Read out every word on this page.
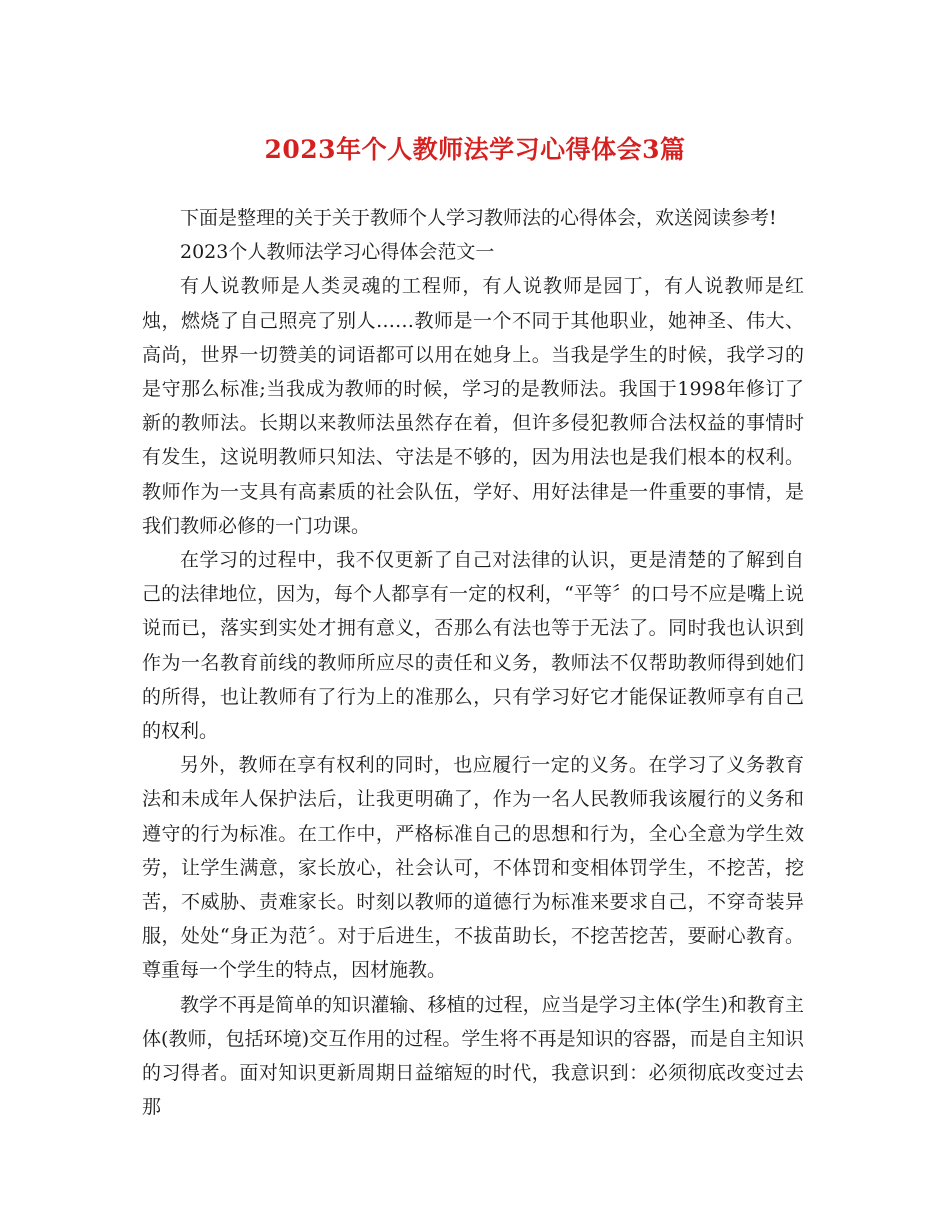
2023年个人教师法学习心得体会3篇

下面是整理的关于关于教师个人学习教师法的心得体会，欢送阅读参考!

2023个人教师法学习心得体会范文一

有人说教师是人类灵魂的工程师，有人说教师是园丁，有人说教师是红烛，燃烧了自己照亮了别人……教师是一个不同于其他职业，她神圣、伟大、高尚，世界一切赞美的词语都可以用在她身上。当我是学生的时候，我学习的是守那么标准;当我成为教师的时候，学习的是教师法。我国于1998年修订了新的教师法。长期以来教师法虽然存在着，但许多侵犯教师合法权益的事情时有发生，这说明教师只知法、守法是不够的，因为用法也是我们根本的权利。教师作为一支具有高素质的社会队伍，学好、用好法律是一件重要的事情，是我们教师必修的一门功课。

在学习的过程中，我不仅更新了自己对法律的认识，更是清楚的了解到自己的法律地位，因为，每个人都享有一定的权利，“平等〞的口号不应是嘴上说说而已，落实到实处才拥有意义，否那么有法也等于无法了。同时我也认识到作为一名教育前线的教师所应尽的责任和义务，教师法不仅帮助教师得到她们的所得，也让教师有了行为上的准那么，只有学习好它才能保证教师享有自己的权利。

另外，教师在享有权利的同时，也应履行一定的义务。在学习了义务教育法和未成年人保护法后，让我更明确了，作为一名人民教师我该履行的义务和遵守的行为标准。在工作中，严格标准自己的思想和行为，全心全意为学生效劳，让学生满意，家长放心，社会认可，不体罚和变相体罚学生，不挖苦，挖苦，不威胁、责难家长。时刻以教师的道德行为标准来要求自己，不穿奇装异服，处处“身正为范〞。对于后进生，不拔苗助长，不挖苦挖苦，要耐心教育。尊重每一个学生的特点，因材施教。

教学不再是简单的知识灌输、移植的过程，应当是学习主体(学生)和教育主体(教师，包括环境)交互作用的过程。学生将不再是知识的容器，而是自主知识的习得者。面对知识更新周期日益缩短的时代，我意识到：必须彻底改变过去那
